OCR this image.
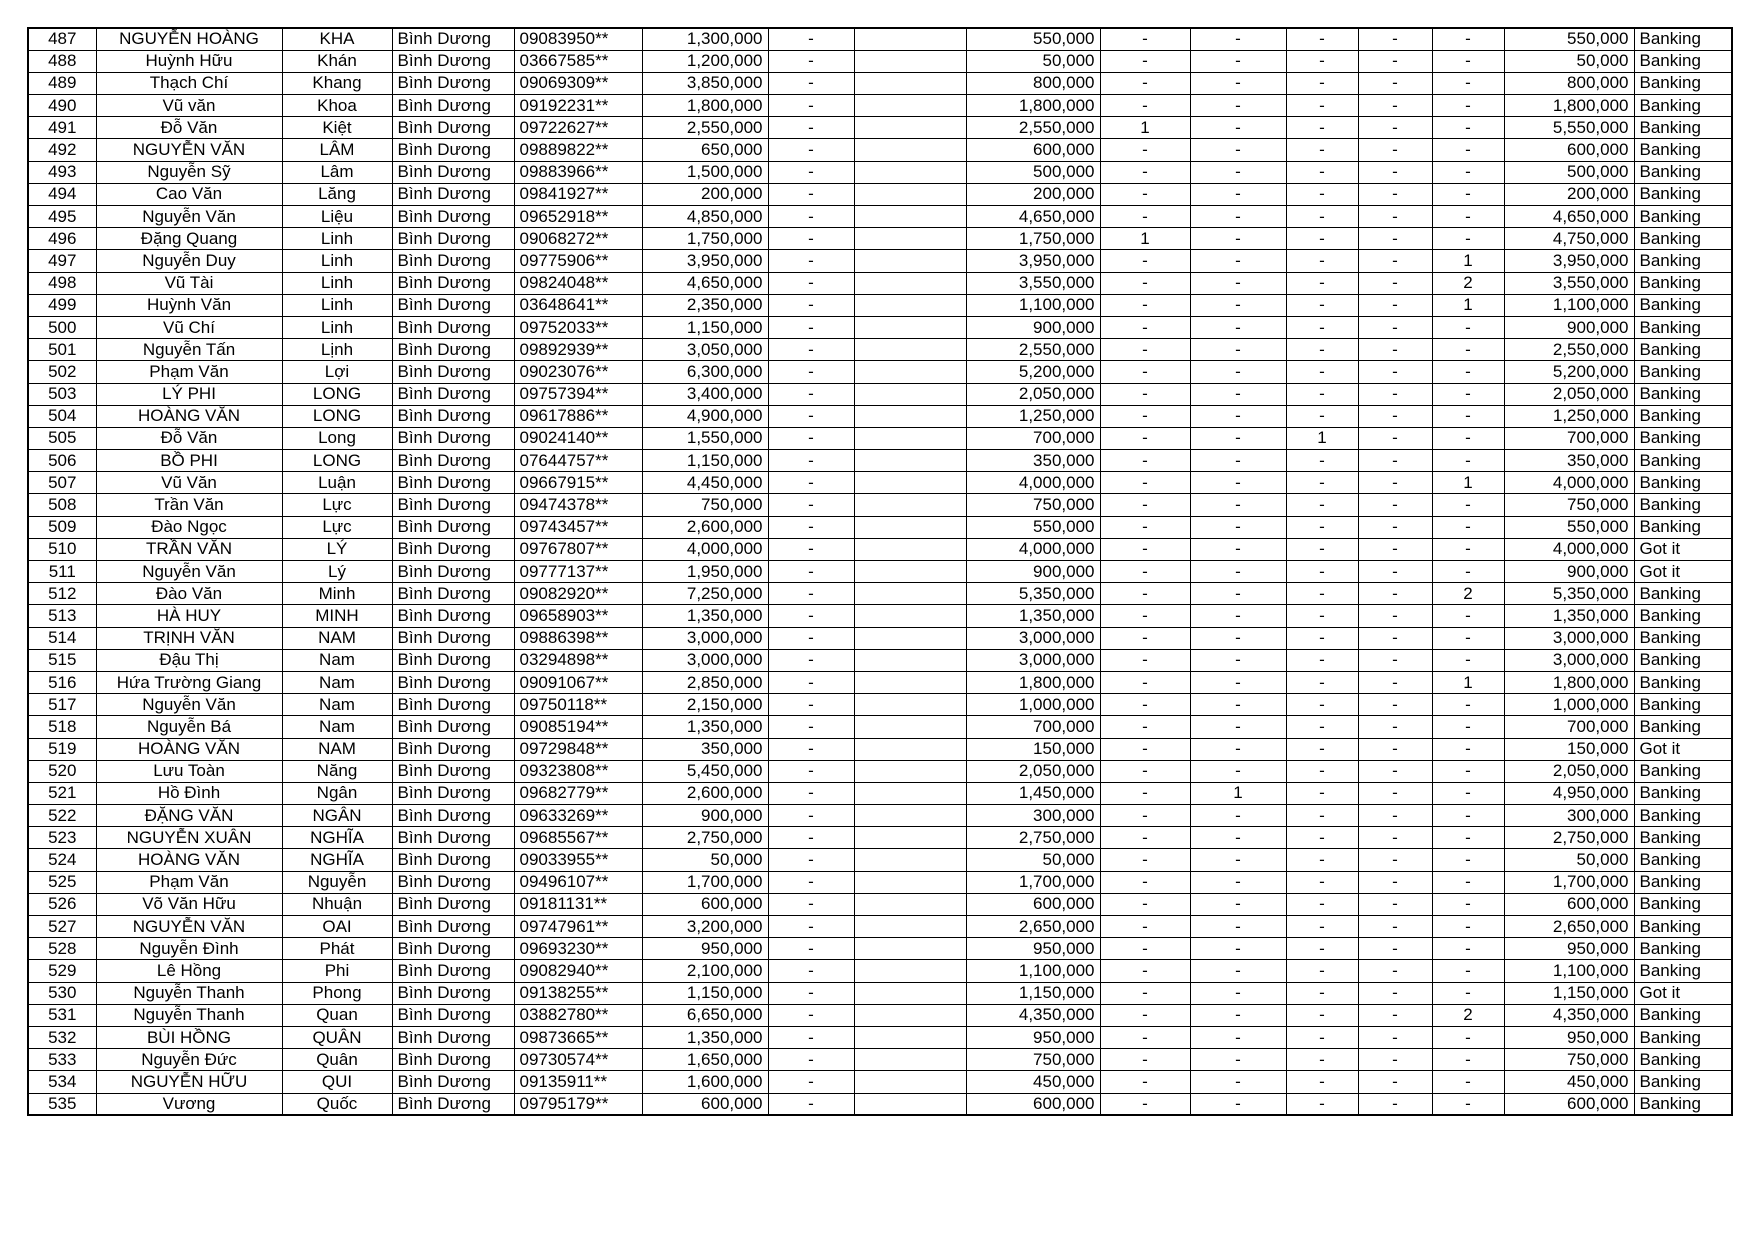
487	NGUYỄN HOÀNG	KHA	Bình Dương	09083950**	1,300,000	-		550,000	-	-	-	-	-	550,000	Banking
488	Huỳnh Hữu	Khán	Bình Dương	03667585**	1,200,000	-		50,000	-	-	-	-	-	50,000	Banking
489	Thạch Chí	Khang	Bình Dương	09069309**	3,850,000	-		800,000	-	-	-	-	-	800,000	Banking
490	Vũ văn	Khoa	Bình Dương	09192231**	1,800,000	-		1,800,000	-	-	-	-	-	1,800,000	Banking
491	Đỗ Văn	Kiệt	Bình Dương	09722627**	2,550,000	-		2,550,000	1	-	-	-	-	5,550,000	Banking
492	NGUYỄN VĂN	LÂM	Bình Dương	09889822**	650,000	-		600,000	-	-	-	-	-	600,000	Banking
493	Nguyễn Sỹ	Lâm	Bình Dương	09883966**	1,500,000	-		500,000	-	-	-	-	-	500,000	Banking
494	Cao Văn	Lăng	Bình Dương	09841927**	200,000	-		200,000	-	-	-	-	-	200,000	Banking
495	Nguyễn Văn	Liệu	Bình Dương	09652918**	4,850,000	-		4,650,000	-	-	-	-	-	4,650,000	Banking
496	Đặng Quang	Linh	Bình Dương	09068272**	1,750,000	-		1,750,000	1	-	-	-	-	4,750,000	Banking
497	Nguyễn Duy	Linh	Bình Dương	09775906**	3,950,000	-		3,950,000	-	-	-	-	1	3,950,000	Banking
498	Vũ Tài	Linh	Bình Dương	09824048**	4,650,000	-		3,550,000	-	-	-	-	2	3,550,000	Banking
499	Huỳnh Văn	Linh	Bình Dương	03648641**	2,350,000	-		1,100,000	-	-	-	-	1	1,100,000	Banking
500	Vũ Chí	Linh	Bình Dương	09752033**	1,150,000	-		900,000	-	-	-	-	-	900,000	Banking
501	Nguyễn Tấn	Lịnh	Bình Dương	09892939**	3,050,000	-		2,550,000	-	-	-	-	-	2,550,000	Banking
502	Phạm Văn	Lợi	Bình Dương	09023076**	6,300,000	-		5,200,000	-	-	-	-	-	5,200,000	Banking
503	LÝ PHI	LONG	Bình Dương	09757394**	3,400,000	-		2,050,000	-	-	-	-	-	2,050,000	Banking
504	HOÀNG VĂN	LONG	Bình Dương	09617886**	4,900,000	-		1,250,000	-	-	-	-	-	1,250,000	Banking
505	Đỗ Văn	Long	Bình Dương	09024140**	1,550,000	-		700,000	-	-	1	-	-	700,000	Banking
506	BỒ PHI	LONG	Bình Dương	07644757**	1,150,000	-		350,000	-	-	-	-	-	350,000	Banking
507	Vũ Văn	Luận	Bình Dương	09667915**	4,450,000	-		4,000,000	-	-	-	-	1	4,000,000	Banking
508	Trần Văn	Lực	Bình Dương	09474378**	750,000	-		750,000	-	-	-	-	-	750,000	Banking
509	Đào Ngọc	Lực	Bình Dương	09743457**	2,600,000	-		550,000	-	-	-	-	-	550,000	Banking
510	TRẦN VĂN	LÝ	Bình Dương	09767807**	4,000,000	-		4,000,000	-	-	-	-	-	4,000,000	Got it
511	Nguyễn Văn	Lý	Bình Dương	09777137**	1,950,000	-		900,000	-	-	-	-	-	900,000	Got it
512	Đào Văn	Minh	Bình Dương	09082920**	7,250,000	-		5,350,000	-	-	-	-	2	5,350,000	Banking
513	HÀ HUY	MINH	Bình Dương	09658903**	1,350,000	-		1,350,000	-	-	-	-	-	1,350,000	Banking
514	TRỊNH VĂN	NAM	Bình Dương	09886398**	3,000,000	-		3,000,000	-	-	-	-	-	3,000,000	Banking
515	Đậu Thị	Nam	Bình Dương	03294898**	3,000,000	-		3,000,000	-	-	-	-	-	3,000,000	Banking
516	Hứa Trường Giang	Nam	Bình Dương	09091067**	2,850,000	-		1,800,000	-	-	-	-	1	1,800,000	Banking
517	Nguyễn Văn	Nam	Bình Dương	09750118**	2,150,000	-		1,000,000	-	-	-	-	-	1,000,000	Banking
518	Nguyễn Bá	Nam	Bình Dương	09085194**	1,350,000	-		700,000	-	-	-	-	-	700,000	Banking
519	HOÀNG VĂN	NAM	Bình Dương	09729848**	350,000	-		150,000	-	-	-	-	-	150,000	Got it
520	Lưu Toàn	Năng	Bình Dương	09323808**	5,450,000	-		2,050,000	-	-	-	-	-	2,050,000	Banking
521	Hồ Đình	Ngân	Bình Dương	09682779**	2,600,000	-		1,450,000	-	1	-	-	-	4,950,000	Banking
522	ĐẶNG VĂN	NGÂN	Bình Dương	09633269**	900,000	-		300,000	-	-	-	-	-	300,000	Banking
523	NGUYỄN XUÂN	NGHĨA	Bình Dương	09685567**	2,750,000	-		2,750,000	-	-	-	-	-	2,750,000	Banking
524	HOÀNG VĂN	NGHĨA	Bình Dương	09033955**	50,000	-		50,000	-	-	-	-	-	50,000	Banking
525	Phạm Văn	Nguyễn	Bình Dương	09496107**	1,700,000	-		1,700,000	-	-	-	-	-	1,700,000	Banking
526	Võ Văn Hữu	Nhuận	Bình Dương	09181131**	600,000	-		600,000	-	-	-	-	-	600,000	Banking
527	NGUYỄN VĂN	OAI	Bình Dương	09747961**	3,200,000	-		2,650,000	-	-	-	-	-	2,650,000	Banking
528	Nguyễn Đình	Phát	Bình Dương	09693230**	950,000	-		950,000	-	-	-	-	-	950,000	Banking
529	Lê Hồng	Phi	Bình Dương	09082940**	2,100,000	-		1,100,000	-	-	-	-	-	1,100,000	Banking
530	Nguyễn Thanh	Phong	Bình Dương	09138255**	1,150,000	-		1,150,000	-	-	-	-	-	1,150,000	Got it
531	Nguyễn Thanh	Quan	Bình Dương	03882780**	6,650,000	-		4,350,000	-	-	-	-	2	4,350,000	Banking
532	BÙI HỒNG	QUÂN	Bình Dương	09873665**	1,350,000	-		950,000	-	-	-	-	-	950,000	Banking
533	Nguyễn Đức	Quân	Bình Dương	09730574**	1,650,000	-		750,000	-	-	-	-	-	750,000	Banking
534	NGUYỄN HỮU	QUI	Bình Dương	09135911**	1,600,000	-		450,000	-	-	-	-	-	450,000	Banking
535	Vương	Quốc	Bình Dương	09795179**	600,000	-		600,000	-	-	-	-	-	600,000	Banking
